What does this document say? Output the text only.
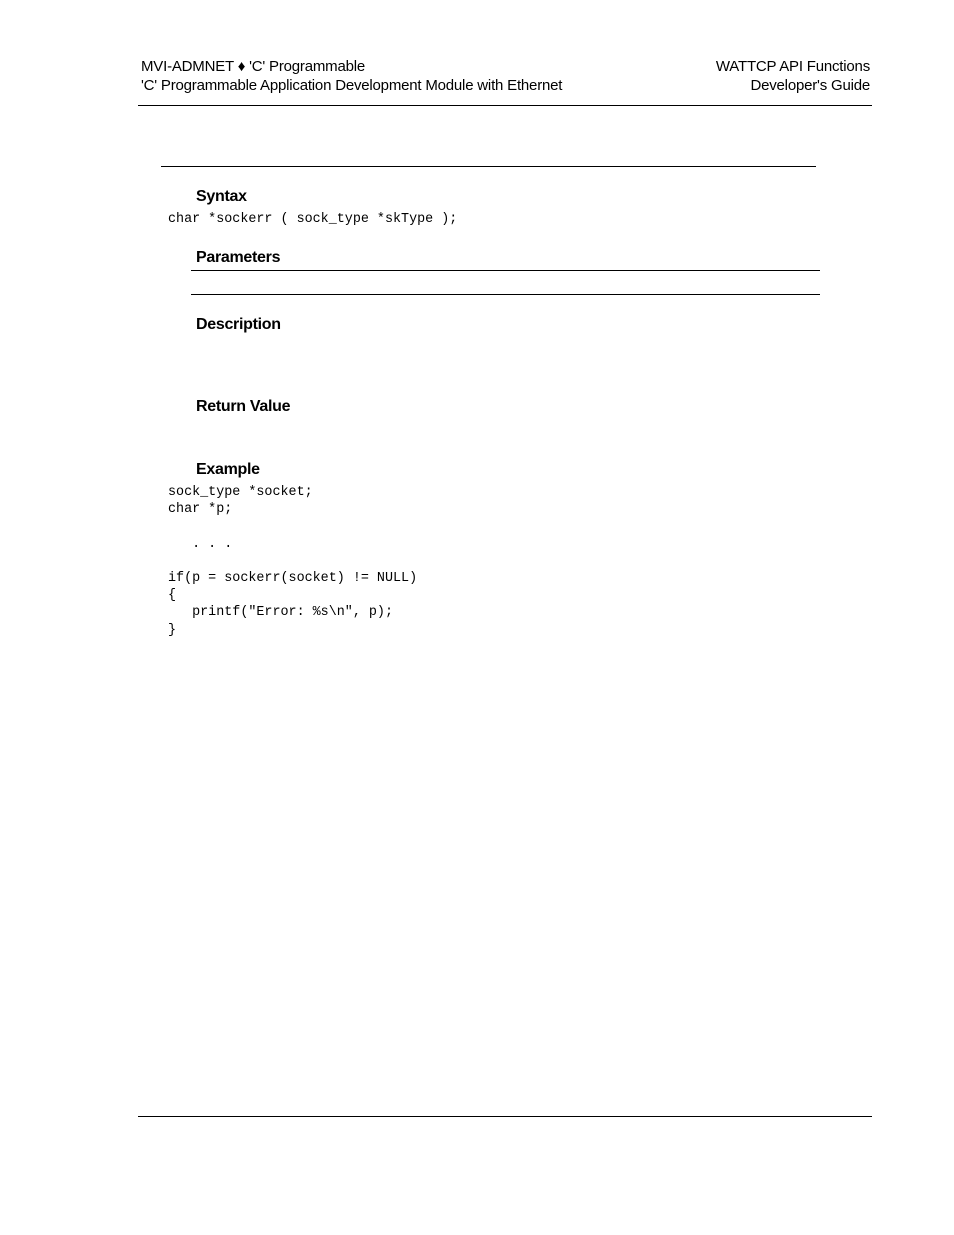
MVI-ADMNET ♦ 'C' Programmable
'C' Programmable Application Development Module with Ethernet
WATTCP API Functions
Developer's Guide
Syntax
char *sockerr ( sock_type *skType );
Parameters
Description
Return Value
Example
sock_type *socket;
char *p;

. . .

if(p = sockerr(socket) != NULL)
{
printf("Error: %s\n", p);
}
